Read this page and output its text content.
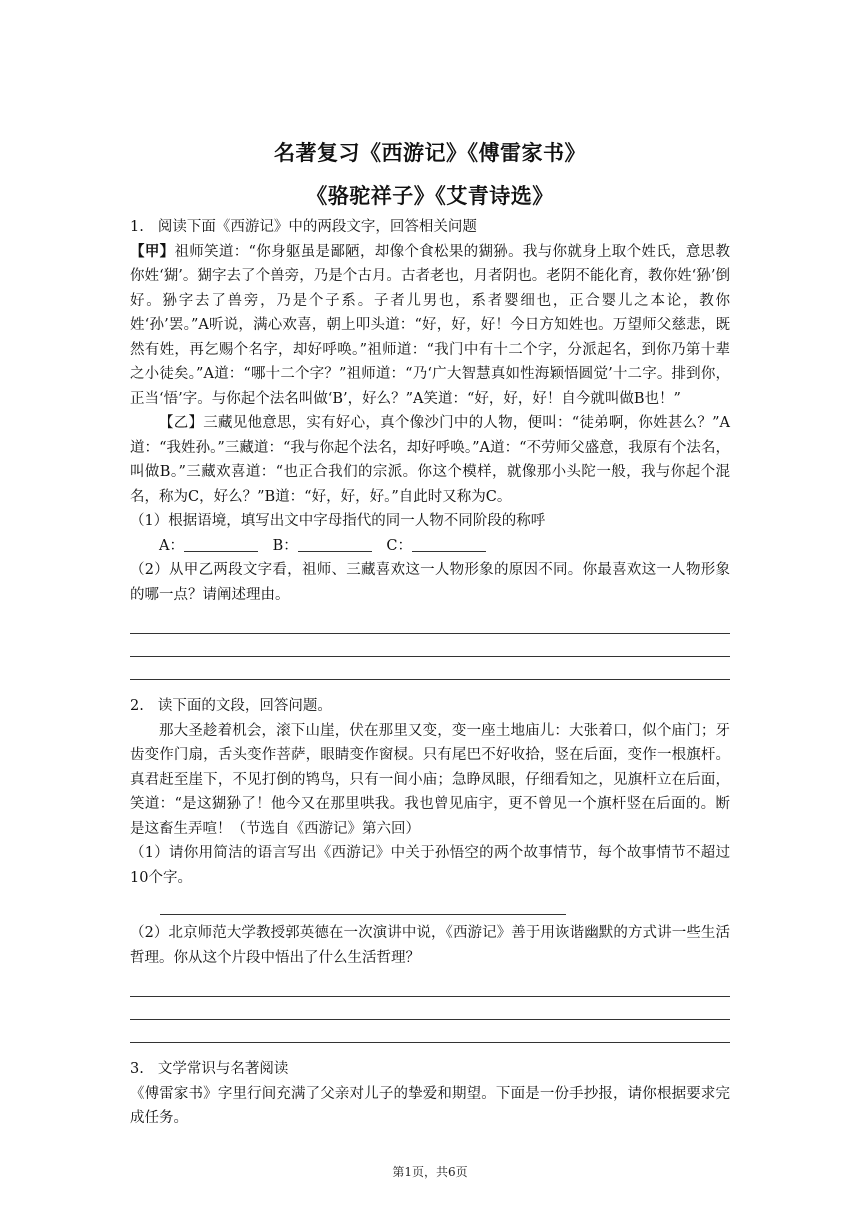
名著复习《西游记》《傅雷家书》
《骆驼祥子》《艾青诗选》
1. 阅读下面《西游记》中的两段文字，回答相关问题

【甲】祖师笑道：“你身躯虽是鄙陋，却像个食松果的猢狲。我与你就身上取个姓氏，意思教你姓‘猢’。猢字去了个兽旁，乃是个古月。古者老也，月者阴也。老阴不能化育，教你姓‘狲’倒好。狲字去了兽旁，乃是个子系。子者儿男也，系者婴细也，正合婴儿之本论，教你姓‘孙’罢。”A听说，满心欢喜，朝上叩头道：“好，好，好！今日方知姓也。万望师父慈悲，既然有姓，再乞赐个名字，却好呼唤。”祖师道：“我门中有十二个字，分派起名，到你乃第十辈之小徒矣。”A道：“哪十二个字？”祖师道：“乃‘广大智慧真如性海颖悟圆觉’十二字。排到你，正当‘悟’字。与你起个法名叫做‘B’，好么？”A笑道：“好，好，好！自今就叫做B也！”

【乙】三藏见他意思，实有好心，真个像沙门中的人物，便叫：“徒弟啊，你姓甚么？”A道：“我姓孙。”三藏道：“我与你起个法名，却好呼唤。”A道：“不劳师父盛意，我原有个法名，叫做B。”三藏欢喜道：“也正合我们的宗派。你这个模样，就像那小头陀一般，我与你起个混名，称为C，好么？”B道：“好，好，好。”自此时又称为C。

（1）根据语境，填写出文中字母指代的同一人物不同阶段的称呼

A：	B：	C：

（2）从甲乙两段文字看，祖师、三藏喜欢这一人物形象的原因不同。你最喜欢这一人物形象的哪一点？请阐述理由。

2. 读下面的文段，回答问题。

那大圣趁着机会，滚下山崖，伏在那里又变，变一座土地庙儿：大张着口，似个庙门；牙齿变作门扇，舌头变作菩萨，眼睛变作窗棂。只有尾巴不好收拾，竖在后面，变作一根旗杆。真君赶至崖下，不见打倒的鸨鸟，只有一间小庙；急睁凤眼，仔细看知之，见旗杆立在后面，笑道：“是这猢狲了！他今又在那里哄我。我也曾见庙宇，更不曾见一个旗杆竖在后面的。断是这畜生弄喧！（节选自《西游记》第六回）

（1）请你用简洁的语言写出《西游记》中关于孙悟空的两个故事情节，每个故事情节不超过10个字。

（2）北京师范大学教授郭英德在一次演讲中说，《西游记》善于用诙谐幽默的方式讲一些生活哲理。你从这个片段中悟出了什么生活哲理？

3. 文学常识与名著阅读

《傅雷家书》字里行间充满了父亲对儿子的挚爱和期望。下面是一份手抄报，请你根据要求完成任务。

第1页，共6页
